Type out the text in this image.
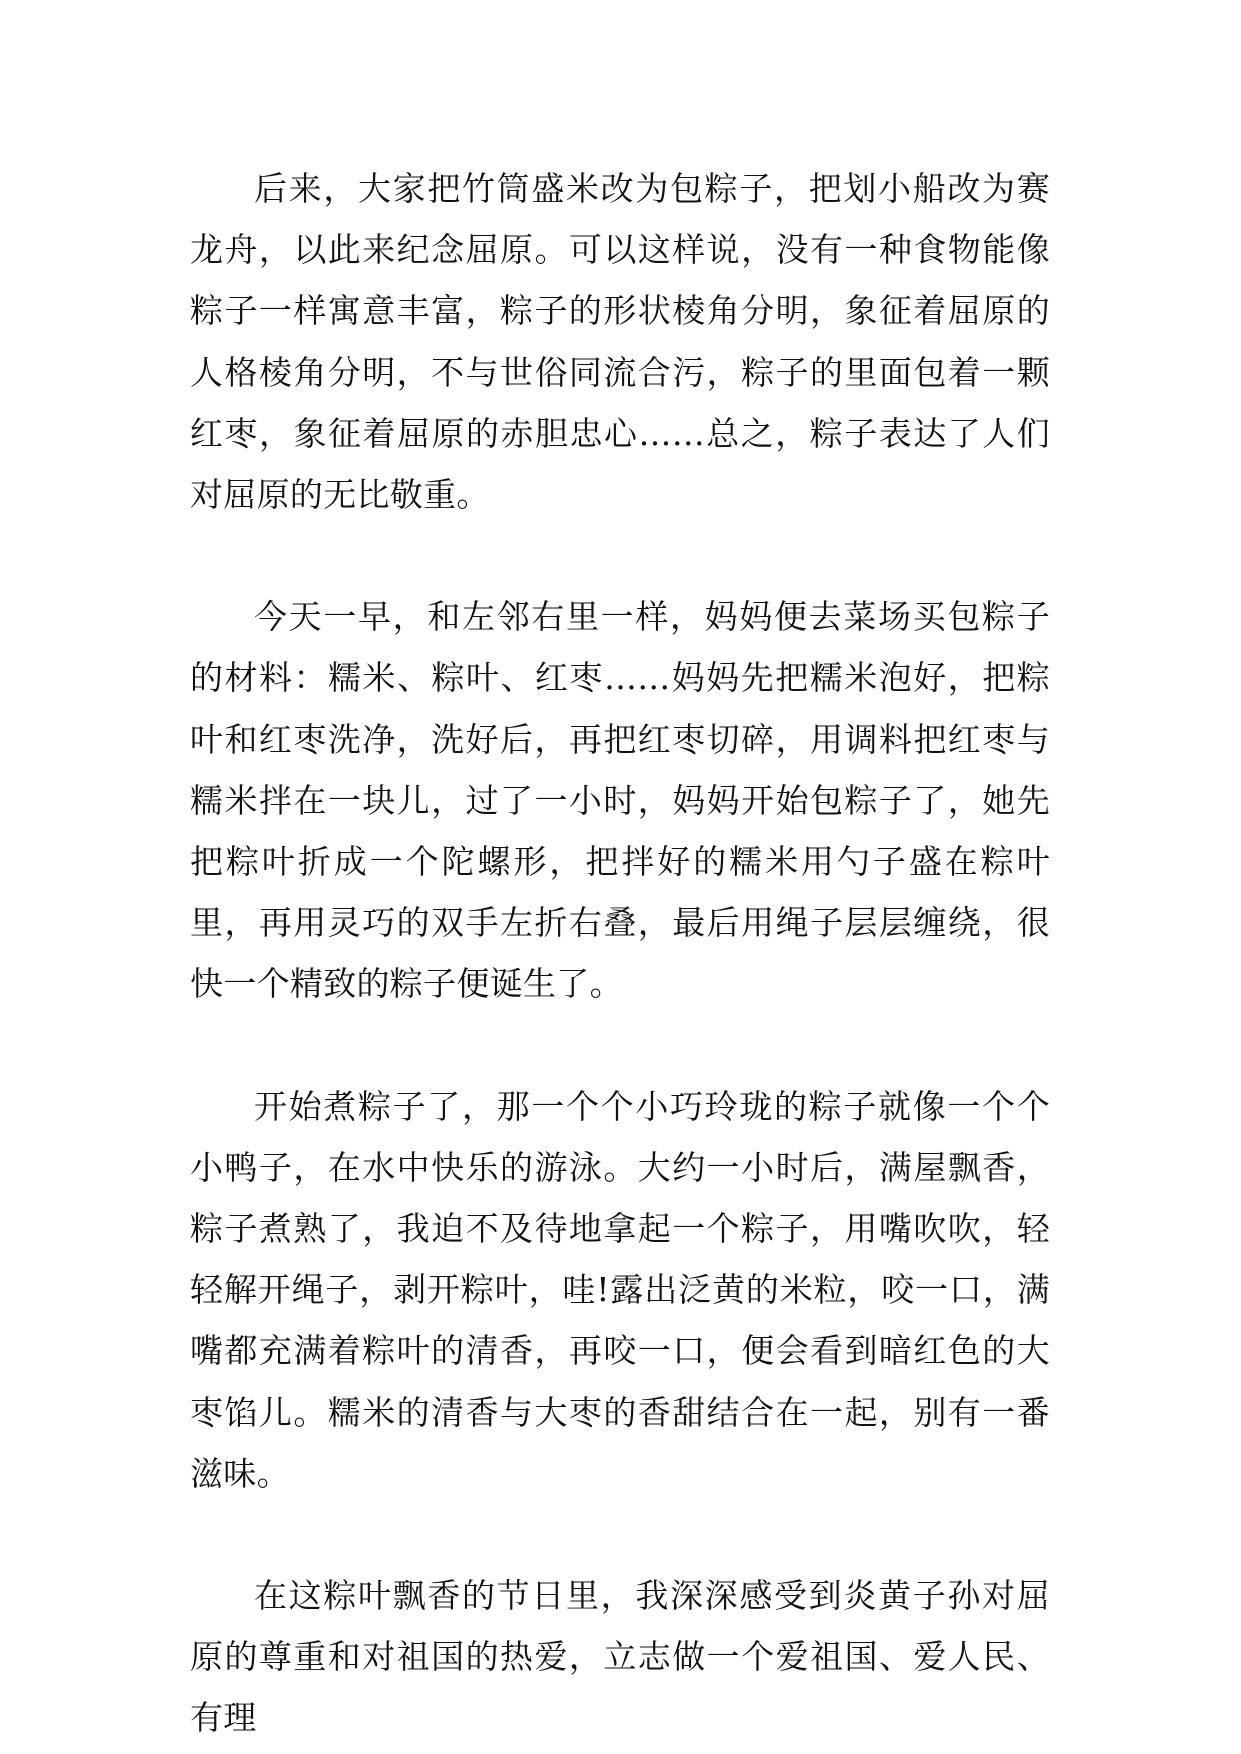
后来，大家把竹筒盛米改为包粽子，把划小船改为赛龙舟，以此来纪念屈原。可以这样说，没有一种食物能像粽子一样寓意丰富，粽子的形状棱角分明，象征着屈原的人格棱角分明，不与世俗同流合污，粽子的里面包着一颗红枣，象征着屈原的赤胆忠心……总之，粽子表达了人们对屈原的无比敬重。

今天一早，和左邻右里一样，妈妈便去菜场买包粽子的材料：糯米、粽叶、红枣……妈妈先把糯米泡好，把粽叶和红枣洗净，洗好后，再把红枣切碎，用调料把红枣与糯米拌在一块儿，过了一小时，妈妈开始包粽子了，她先把粽叶折成一个陀螺形，把拌好的糯米用勺子盛在粽叶里，再用灵巧的双手左折右叠，最后用绳子层层缠绕，很快一个精致的粽子便诞生了。

开始煮粽子了，那一个个小巧玲珑的粽子就像一个个小鸭子，在水中快乐的游泳。大约一小时后，满屋飘香，粽子煮熟了，我迫不及待地拿起一个粽子，用嘴吹吹，轻轻解开绳子，剥开粽叶，哇!露出泛黄的米粒，咬一口，满嘴都充满着粽叶的清香，再咬一口，便会看到暗红色的大枣馅儿。糯米的清香与大枣的香甜结合在一起，别有一番滋味。

在这粽叶飘香的节日里，我深深感受到炎黄子孙对屈原的尊重和对祖国的热爱，立志做一个爱祖国、爱人民、有理
